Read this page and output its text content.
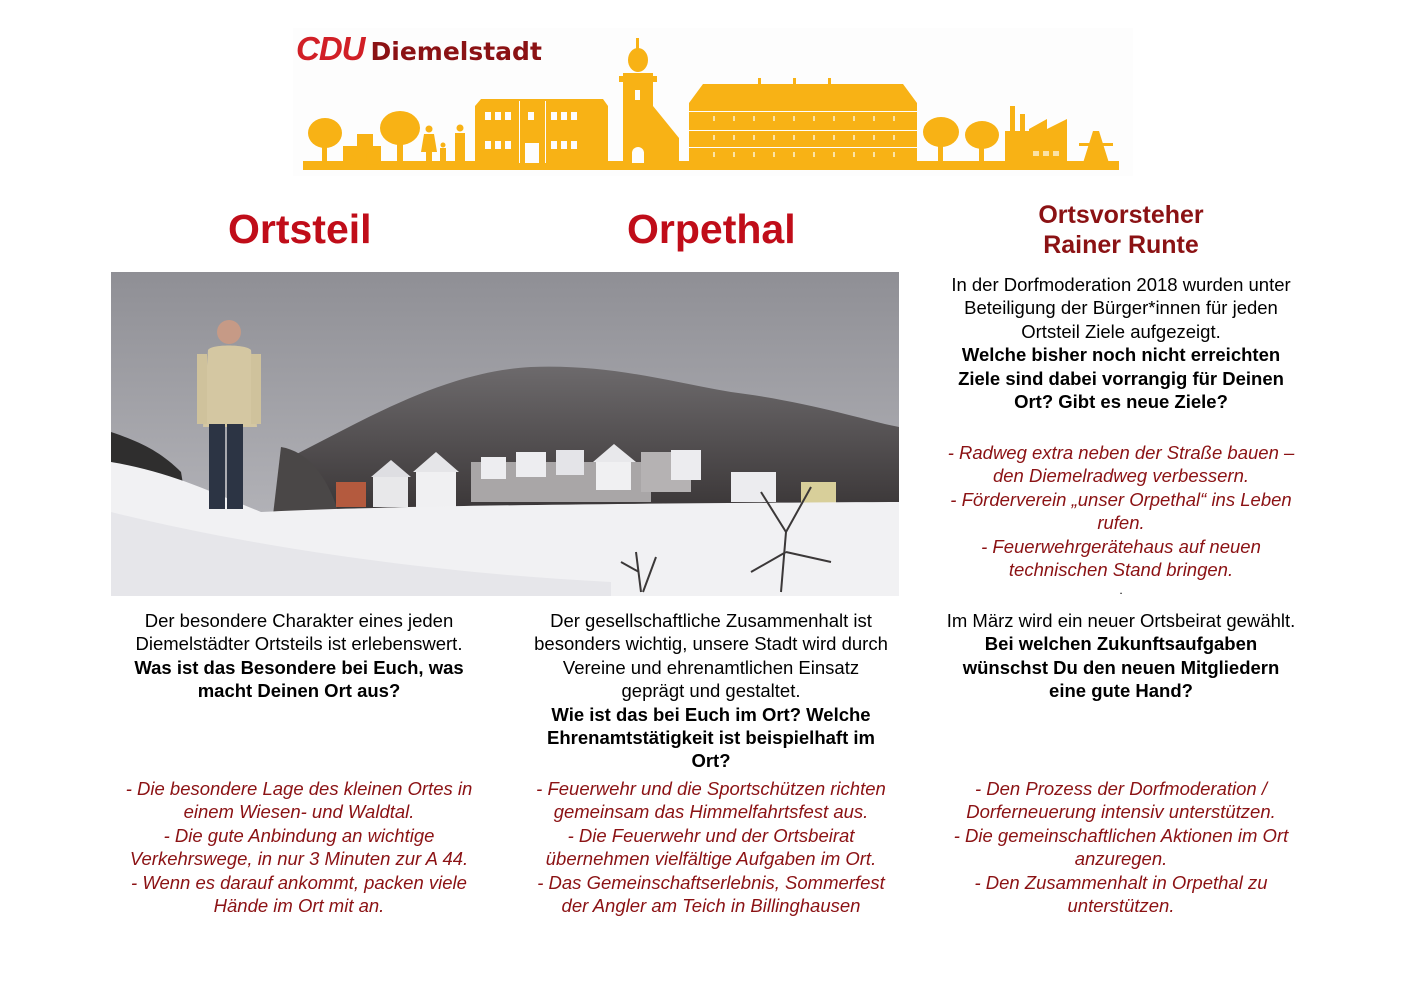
CDU Diemelstadt
Ortsteil	Orpethal	Ortsvorsteher
Rainer Runte
Der besondere Charakter eines jeden
Diemelstädter Ortsteils ist erlebenswert.
Was ist das Besondere bei Euch, was
macht Deinen Ort aus?
Der gesellschaftliche Zusammenhalt ist
besonders wichtig, unsere Stadt wird durch
Vereine und ehrenamtlichen Einsatz
geprägt und gestaltet.
Wie ist das bei Euch im Ort? Welche
Ehrenamtstätigkeit ist beispielhaft im
Ort?
In der Dorfmoderation 2018 wurden unter
Beteiligung der Bürger*innen für jeden
Ortsteil Ziele aufgezeigt.
Welche bisher noch nicht erreichten
Ziele sind dabei vorrangig für Deinen
Ort? Gibt es neue Ziele?
- Radweg extra neben der Straße bauen –
den Diemelradweg verbessern.
- Förderverein „unser Orpethal“ ins Leben
rufen.
- Feuerwehrgerätehaus auf neuen
technischen Stand bringen.
.
Im März wird ein neuer Ortsbeirat gewählt.
Bei welchen Zukunftsaufgaben
wünschst Du den neuen Mitgliedern
eine gute Hand?
- Die besondere Lage des kleinen Ortes in
einem Wiesen- und Waldtal.
- Die gute Anbindung an wichtige
Verkehrswege, in nur 3 Minuten zur A 44.
- Wenn es darauf ankommt, packen viele
Hände im Ort mit an.
- Feuerwehr und die Sportschützen richten
gemeinsam das Himmelfahrtsfest aus.
- Die Feuerwehr und der Ortsbeirat
übernehmen vielfältige Aufgaben im Ort.
- Das Gemeinschaftserlebnis, Sommerfest
der Angler am Teich in Billinghausen
- Den Prozess der Dorfmoderation /
Dorferneuerung intensiv unterstützen.
- Die gemeinschaftlichen Aktionen im Ort
anzuregen.
- Den Zusammenhalt in Orpethal zu
unterstützen.
